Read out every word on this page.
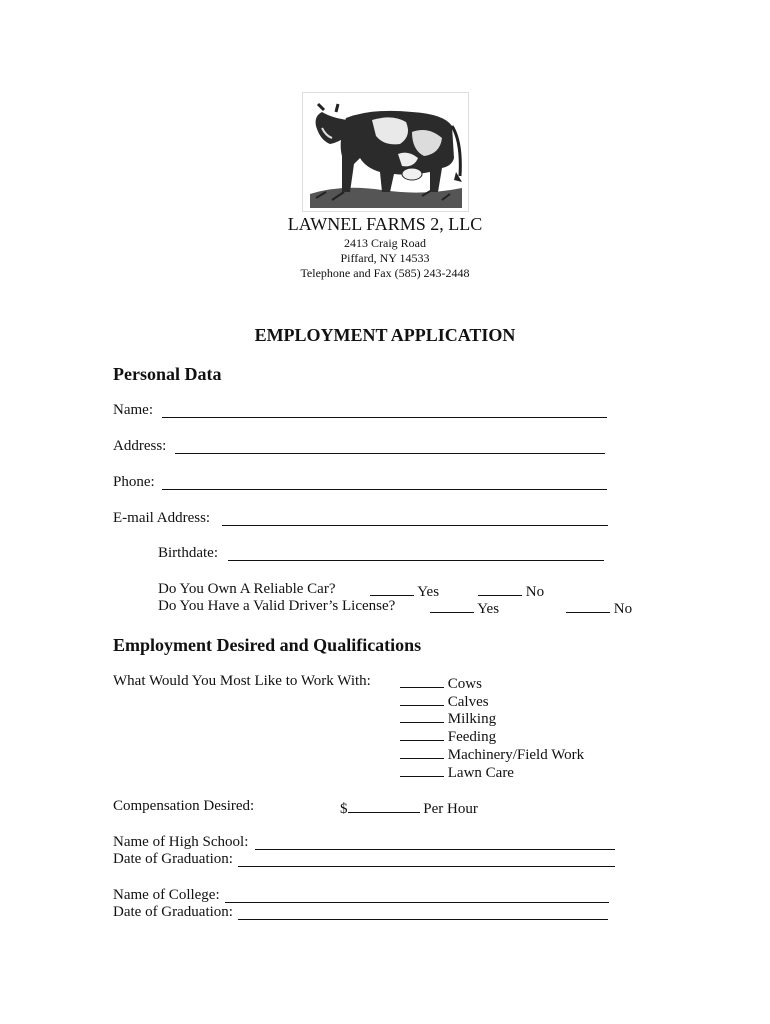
LAWNEL FARMS 2, LLC
2413 Craig Road
Piffard, NY 14533
Telephone and Fax (585) 243-2448
EMPLOYMENT APPLICATION
Personal Data
Name:
Address:
Phone:
E-mail Address:
Birthdate:
Do You Own A Reliable Car?	Yes	No
Do You Have a Valid Driver’s License?	Yes	No
Employment Desired and Qualifications
What Would You Most Like to Work With:	Cows
Calves
Milking
Feeding
Machinery/Field Work
Lawn Care
Compensation Desired:	$	Per Hour
Name of High School:
Date of Graduation:
Name of College:
Date of Graduation:
